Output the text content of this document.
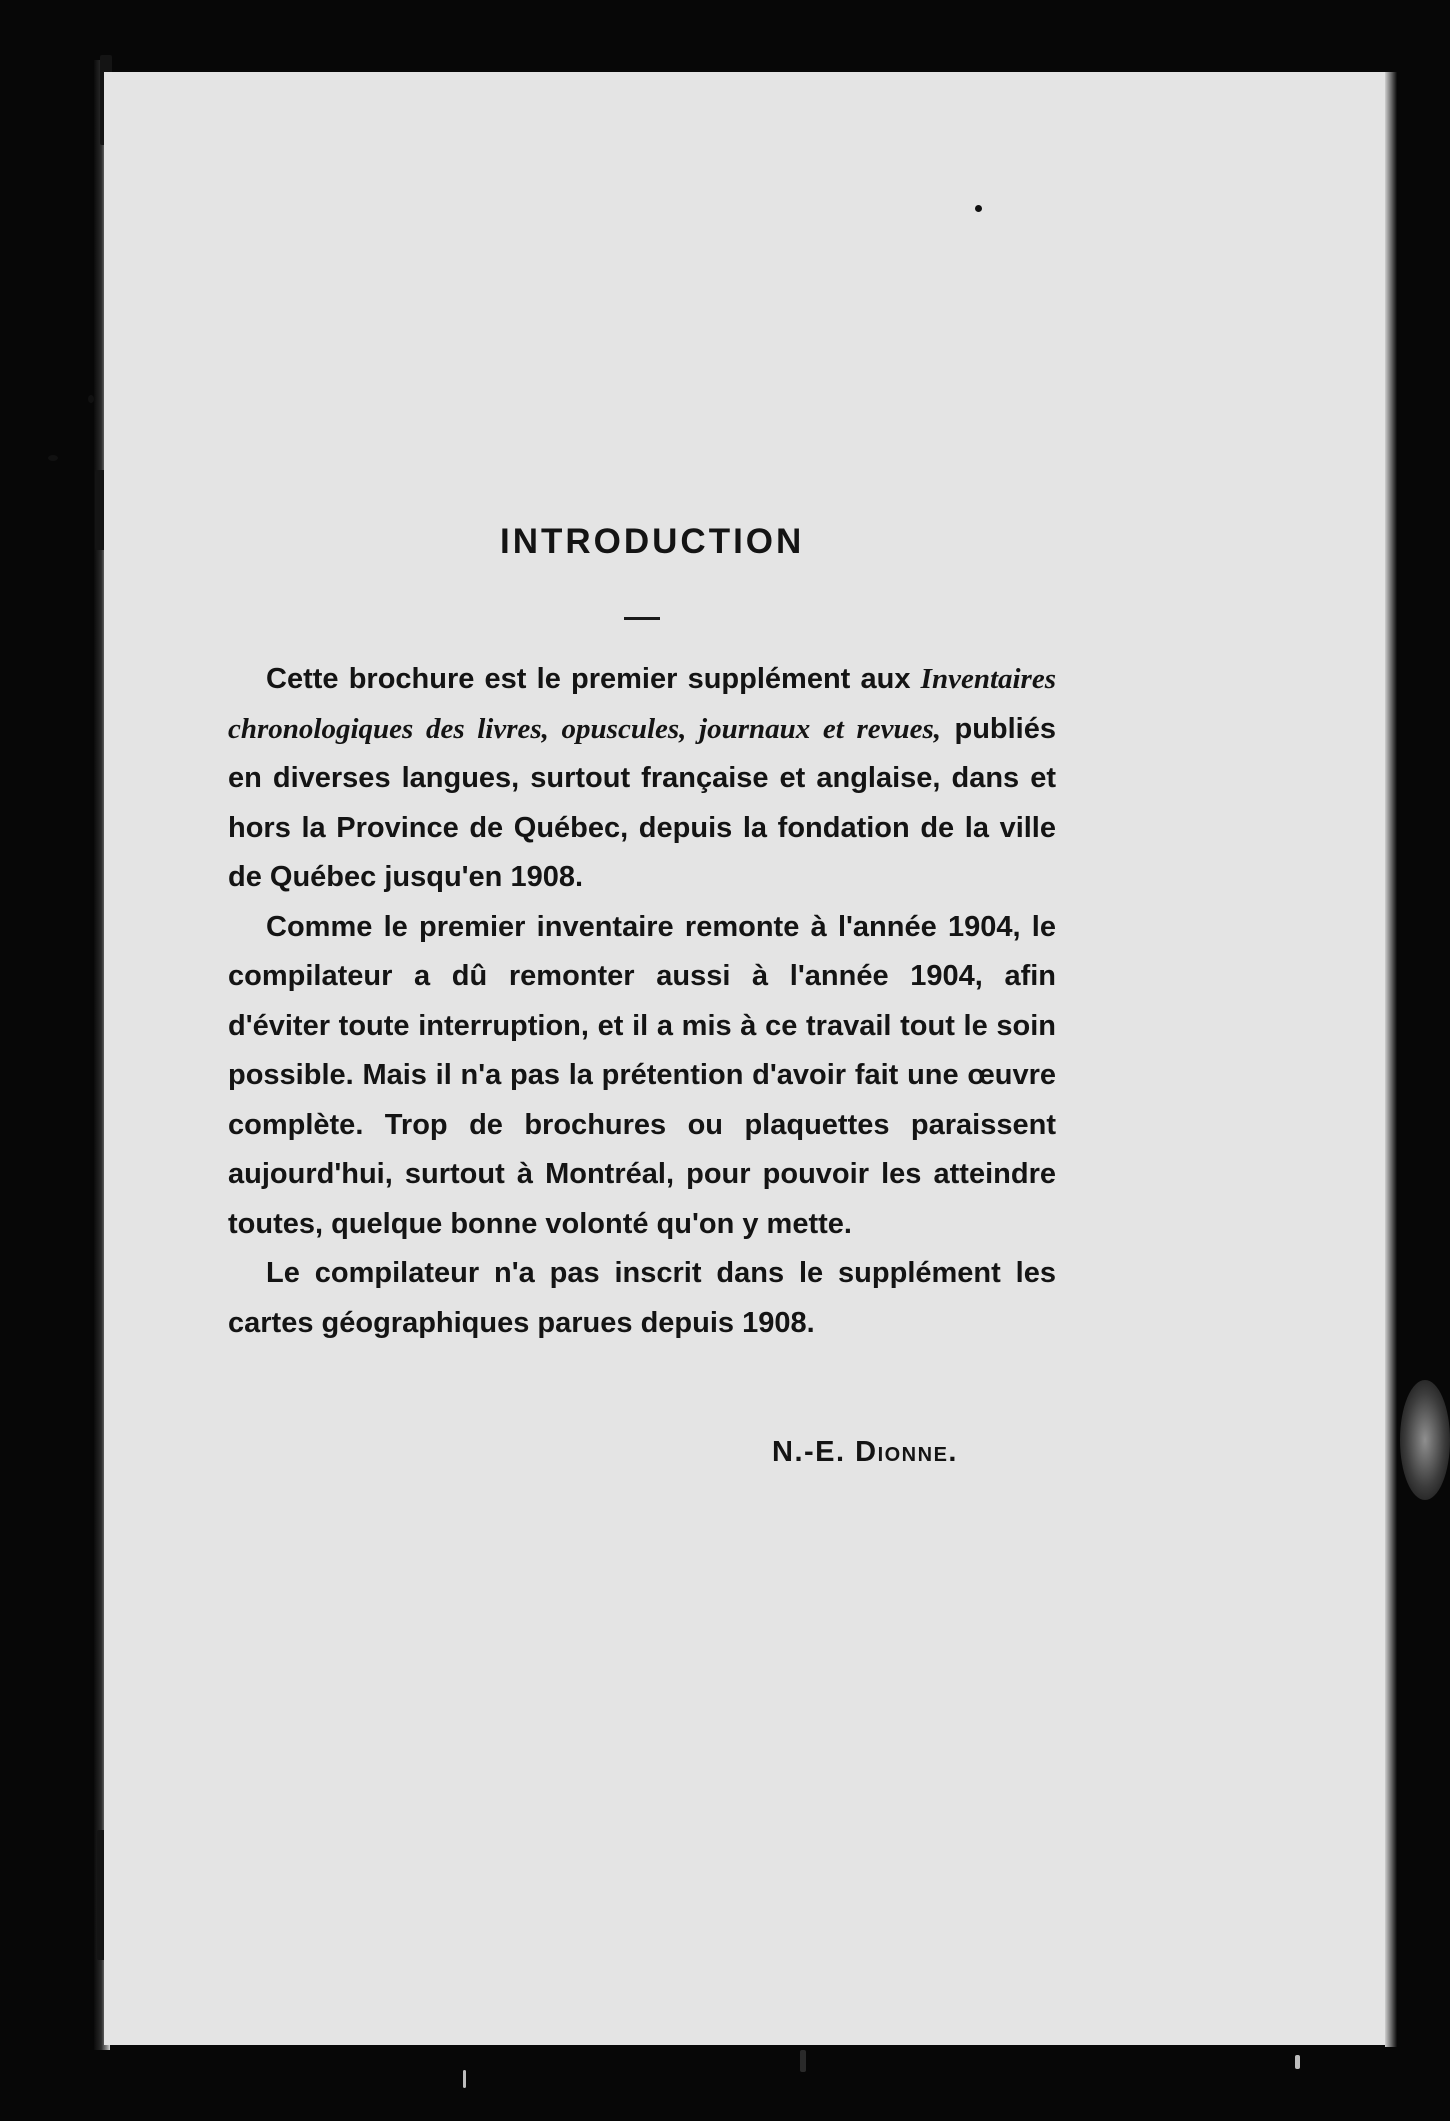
INTRODUCTION

Cette brochure est le premier supplément aux Inventaires chronologiques des livres, opuscules, journaux et revues, publiés en diverses langues, surtout française et anglaise, dans et hors la Province de Québec, depuis la fondation de la ville de Québec jusqu'en 1908.

Comme le premier inventaire remonte à l'année 1904, le compilateur a dû remonter aussi à l'année 1904, afin d'éviter toute interruption, et il a mis à ce travail tout le soin possible. Mais il n'a pas la prétention d'avoir fait une œuvre complète. Trop de brochures ou plaquettes paraissent aujourd'hui, surtout à Montréal, pour pouvoir les atteindre toutes, quelque bonne volonté qu'on y mette.

Le compilateur n'a pas inscrit dans le supplément les cartes géographiques parues depuis 1908.

N.-E. Dionne.
